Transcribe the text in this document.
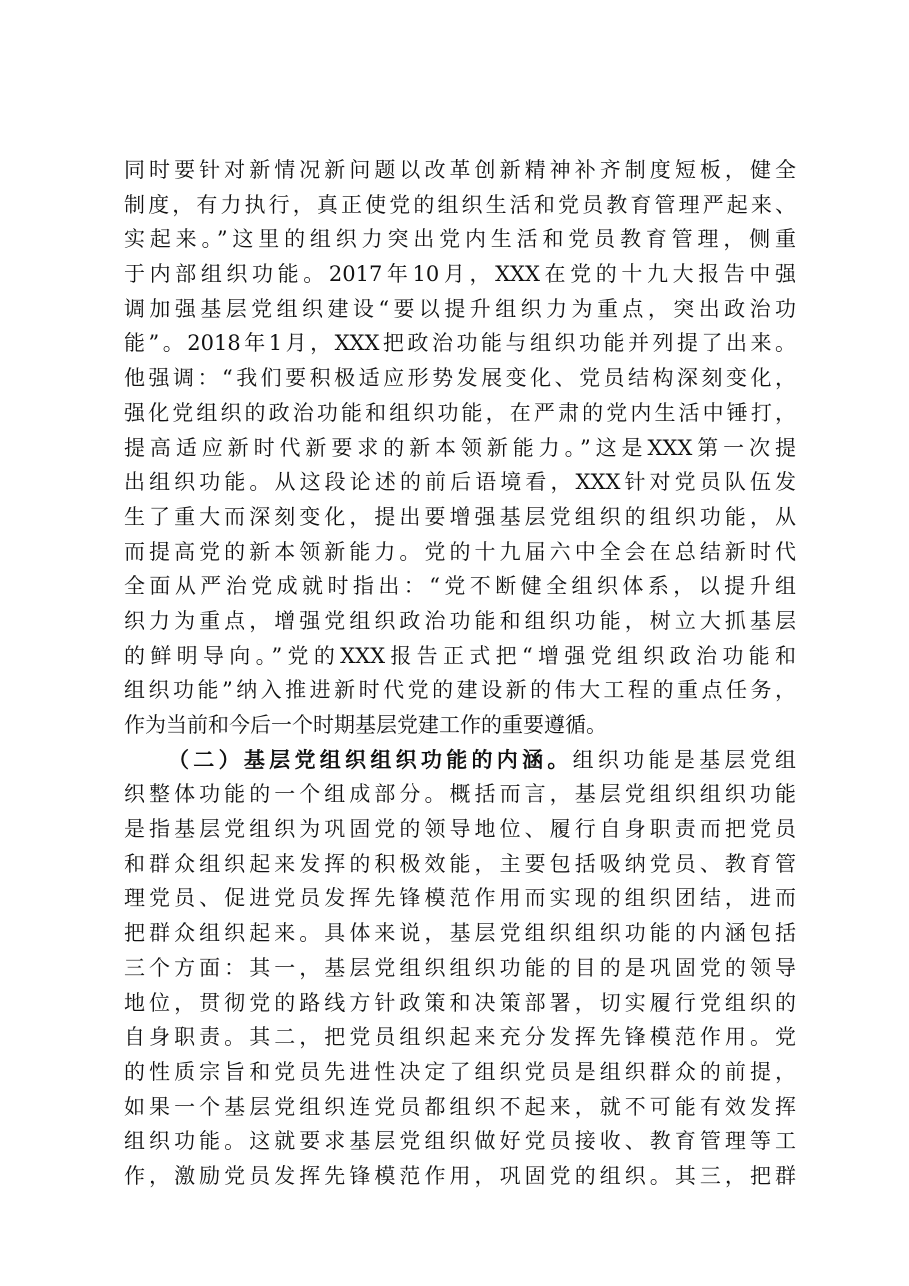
同时要针对新情况新问题以改革创新精神补齐制度短板，健全
制度，有力执行，真正使党的组织生活和党员教育管理严起来、
实起来。”这里的组织力突出党内生活和党员教育管理，侧重
于内部组织功能。2017年10月，XXX在党的十九大报告中强
调加强基层党组织建设“要以提升组织力为重点，突出政治功
能”。2018年1月，XXX把政治功能与组织功能并列提了出来。
他强调：“我们要积极适应形势发展变化、党员结构深刻变化，
强化党组织的政治功能和组织功能，在严肃的党内生活中锤打，
提高适应新时代新要求的新本领新能力。”这是XXX第一次提
出组织功能。从这段论述的前后语境看，XXX针对党员队伍发
生了重大而深刻变化，提出要增强基层党组织的组织功能，从
而提高党的新本领新能力。党的十九届六中全会在总结新时代
全面从严治党成就时指出：“党不断健全组织体系，以提升组
织力为重点，增强党组织政治功能和组织功能，树立大抓基层
的鲜明导向。”党的XXX报告正式把“增强党组织政治功能和
组织功能”纳入推进新时代党的建设新的伟大工程的重点任务，
作为当前和今后一个时期基层党建工作的重要遵循。
（二）基层党组织组织功能的内涵。组织功能是基层党组
织整体功能的一个组成部分。概括而言，基层党组织组织功能
是指基层党组织为巩固党的领导地位、履行自身职责而把党员
和群众组织起来发挥的积极效能，主要包括吸纳党员、教育管
理党员、促进党员发挥先锋模范作用而实现的组织团结，进而
把群众组织起来。具体来说，基层党组织组织功能的内涵包括
三个方面：其一，基层党组织组织功能的目的是巩固党的领导
地位，贯彻党的路线方针政策和决策部署，切实履行党组织的
自身职责。其二，把党员组织起来充分发挥先锋模范作用。党
的性质宗旨和党员先进性决定了组织党员是组织群众的前提，
如果一个基层党组织连党员都组织不起来，就不可能有效发挥
组织功能。这就要求基层党组织做好党员接收、教育管理等工
作，激励党员发挥先锋模范作用，巩固党的组织。其三，把群
